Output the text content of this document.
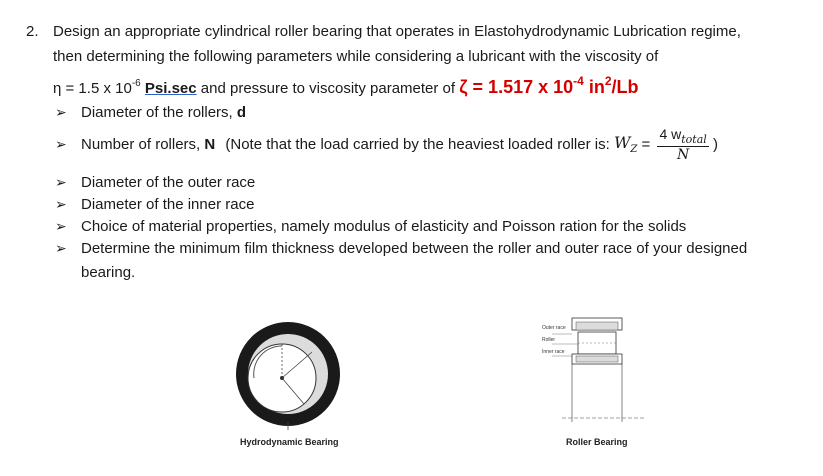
2. Design an appropriate cylindrical roller bearing that operates in Elastohydrodynamic Lubrication regime,
then determining the following parameters while considering a lubricant with the viscosity of
η = 1.5 x $10^{-6}$ Psi.sec and pressure to viscosity parameter of ζ = 1.517 x $10^{-4}$ $in^2/Lb$
➢ Diameter of the rollers, d
➢ Number of rollers, N (Note that the load carried by the heaviest loaded roller is: $W_Z = \frac{4 w_{total}}{N}$ )
➢ Diameter of the outer race
➢ Diameter of the inner race
➢ Choice of material properties, namely modulus of elasticity and Poisson ration for the solids
➢ Determine the minimum film thickness developed between the roller and outer race of your designed
bearing.
Hydrodynamic Bearing
Outer race
Roller
Inner race
Roller Bearing
